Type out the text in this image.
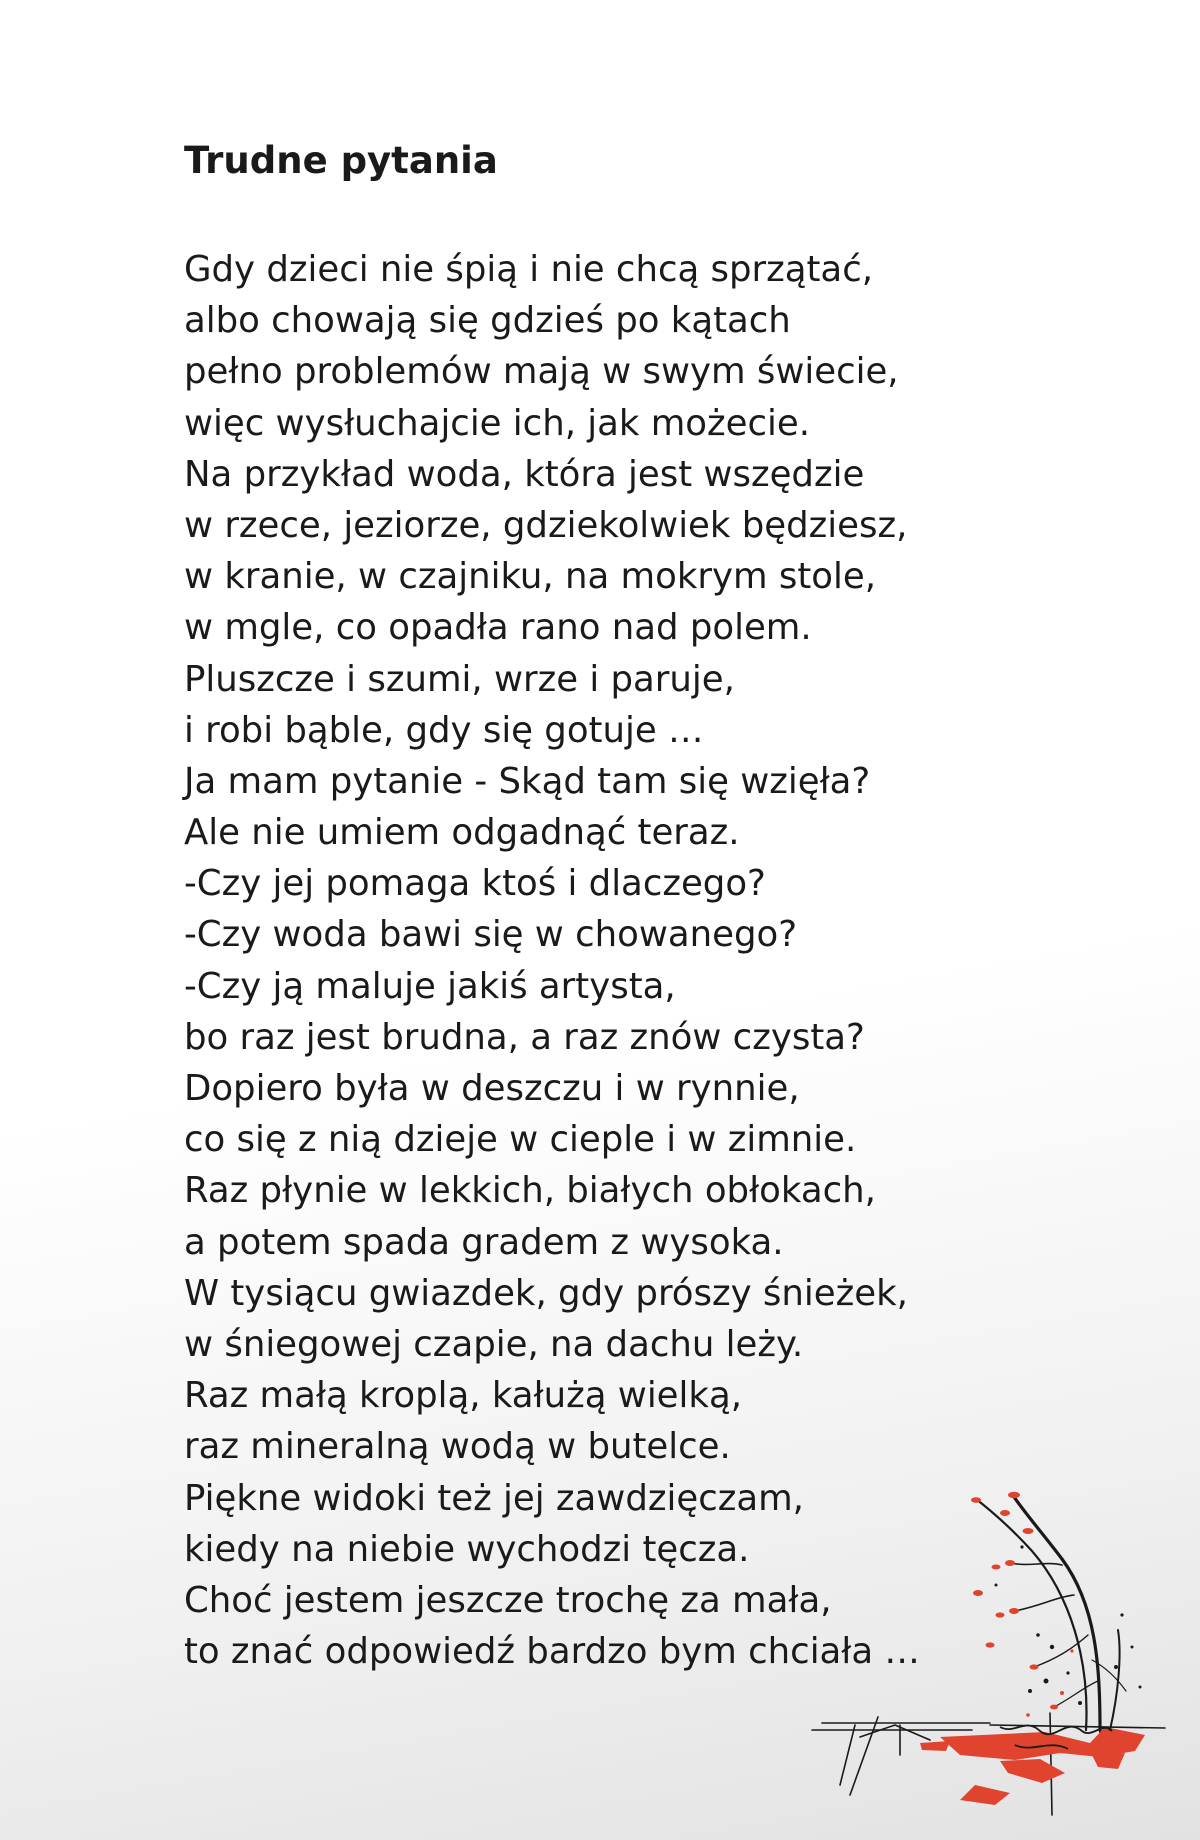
Trudne pytania
Gdy dzieci nie śpią i nie chcą sprzątać,
albo chowają się gdzieś po kątach
pełno problemów mają w swym świecie,
więc wysłuchajcie ich, jak możecie.
Na przykład woda, która jest wszędzie
w rzece, jeziorze, gdziekolwiek będziesz,
w kranie, w czajniku, na mokrym stole,
w mgle, co opadła rano nad polem.
Pluszcze i szumi, wrze i paruje,
i robi bąble, gdy się gotuje …
Ja mam pytanie - Skąd tam się wzięła?
Ale nie umiem odgadnąć teraz.
-Czy jej pomaga ktoś i dlaczego?
-Czy woda bawi się w chowanego?
-Czy ją maluje jakiś artysta,
bo raz jest brudna, a raz znów czysta?
Dopiero była w deszczu i w rynnie,
co się z nią dzieje w cieple i w zimnie.
Raz płynie w lekkich, białych obłokach,
a potem spada gradem z wysoka.
W tysiącu gwiazdek, gdy prószy śnieżek,
w śniegowej czapie, na dachu leży.
Raz małą kroplą, kałużą wielką,
raz mineralną wodą w butelce.
Piękne widoki też jej zawdzięczam,
kiedy na niebie wychodzi tęcza.
Choć jestem jeszcze trochę za mała,
to znać odpowiedź bardzo bym chciała …
